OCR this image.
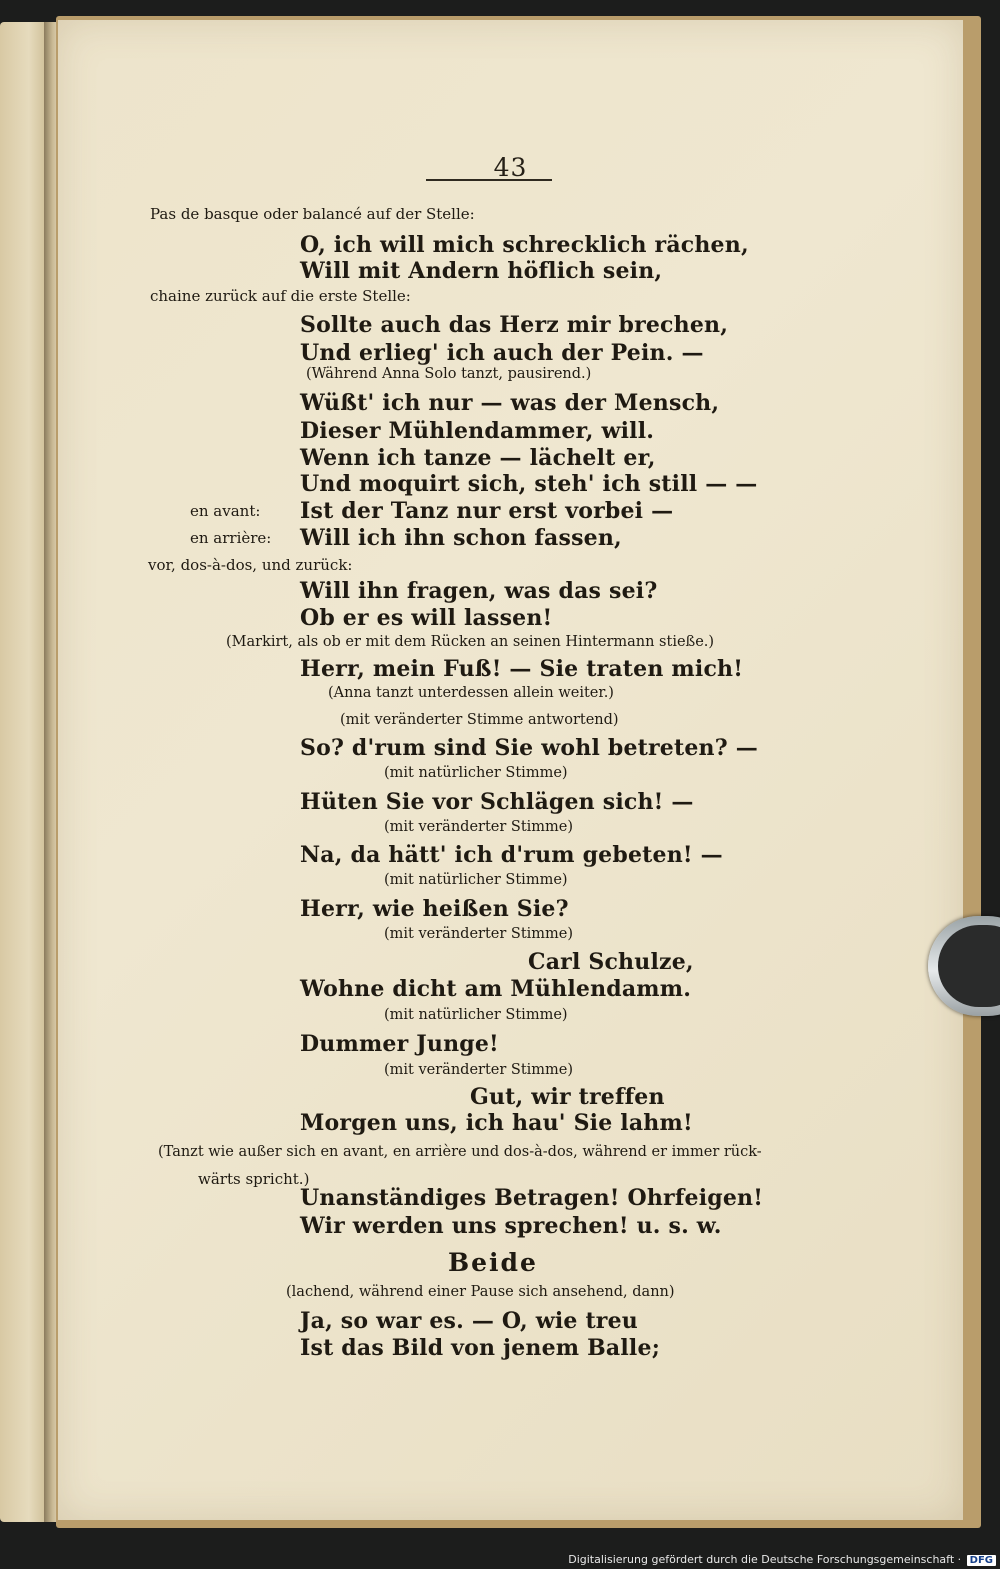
43
Pas de basque oder balancé auf der Stelle:
O, ich will mich schrecklich rächen,
Will mit Andern höflich sein,
chaine zurück auf die erste Stelle:
Sollte auch das Herz mir brechen,
Und erlieg' ich auch der Pein. —
(Während Anna Solo tanzt, pausirend.)
Wüßt' ich nur — was der Mensch,
Dieser Mühlendammer, will.
Wenn ich tanze — lächelt er,
Und moquirt sich, steh' ich still — —
en avant: Ist der Tanz nur erst vorbei —
en arrière: Will ich ihn schon fassen,
vor, dos-à-dos, und zurück:
Will ihn fragen, was das sei?
Ob er es will lassen!
(Markirt, als ob er mit dem Rücken an seinen Hintermann stieße.)
Herr, mein Fuß! — Sie traten mich!
(Anna tanzt unterdessen allein weiter.)
(mit veränderter Stimme antwortend)
So? d'rum sind Sie wohl betreten? —
(mit natürlicher Stimme)
Hüten Sie vor Schlägen sich! —
(mit veränderter Stimme)
Na, da hätt' ich d'rum gebeten! —
(mit natürlicher Stimme)
Herr, wie heißen Sie?
(mit veränderter Stimme)
Carl Schulze,
Wohne dicht am Mühlendamm.
(mit natürlicher Stimme)
Dummer Junge!
(mit veränderter Stimme)
Gut, wir treffen
Morgen uns, ich hau' Sie lahm!
(Tanzt wie außer sich en avant, en arrière und dos-à-dos, während er immer rück-
wärts spricht.)
Unanständiges Betragen! Ohrfeigen!
Wir werden uns sprechen! u. s. w.
Beide
(lachend, während einer Pause sich ansehend, dann)
Ja, so war es. — O, wie treu
Ist das Bild von jenem Balle;
Digitalisierung gefördert durch die Deutsche Forschungsgemeinschaft · DFG
